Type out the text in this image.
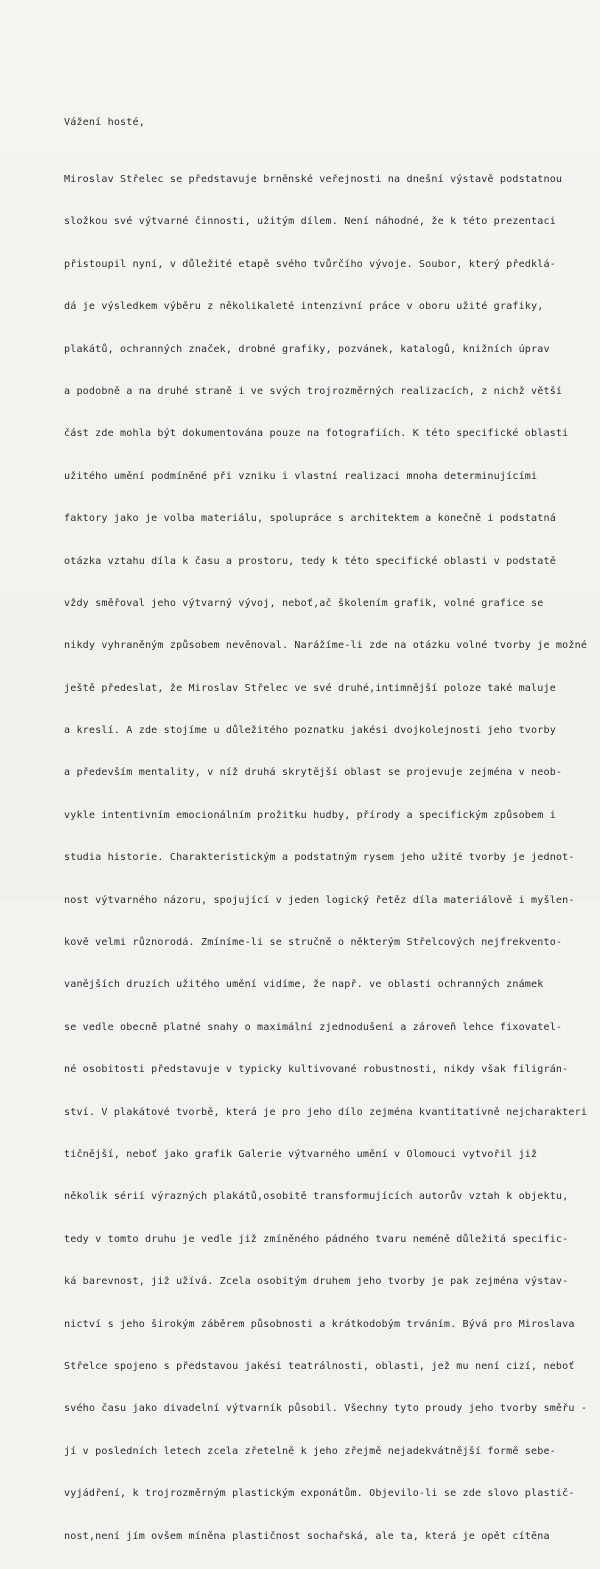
Vážení hosté,

Miroslav Střelec se představuje brněnské veřejnosti na dnešní výstavě podstatnou

složkou své výtvarné činnosti, užitým dílem. Není náhodné, že k této prezentaci

přistoupil nyní, v důležité etapě svého tvůrčího vývoje. Soubor, který předklá-

dá je výsledkem výběru z několikaleté intenzivní práce v oboru užité grafiky,

plakátů, ochranných značek, drobné grafiky, pozvánek, katalogů, knižních úprav

a podobně a na druhé straně i ve svých trojrozměrných realizacích, z nichž větší

část zde mohla být dokumentována pouze na fotografiích. K této specifické oblasti

užitého umění podmíněné při vzniku i vlastní realizaci mnoha determinujícími

faktory jako je volba materiálu, spolupráce s architektem a konečně i podstatná

otázka vztahu díla k času a prostoru, tedy k této specifické oblasti v podstatě

vždy směřoval jeho výtvarný vývoj, neboť,ač školením grafik, volné grafice se

nikdy vyhraněným způsobem nevěnoval. Narážíme-li zde na otázku volné tvorby je možné

ještě předeslat, že Miroslav Střelec ve své druhé,intimnější poloze také maluje

a kreslí. A zde stojíme u důležitého poznatku jakési dvojkolejnosti jeho tvorby

a především mentality, v níž druhá skrytější oblast se projevuje zejména v neob-

vykle intentivním emocionálním prožitku hudby, přírody a specifickým způsobem i

studia historie. Charakteristickým a podstatným rysem jeho užité tvorby je jednot-

nost výtvarného názoru, spojující v jeden logický řetěz díla materiálově i myšlen-

kově velmi různorodá. Zmíníme-li se stručně o některým Střelcových nejfrekvento-

vanějších druzích užitého umění vidíme, že např. ve oblasti ochranných známek

se vedle obecně platné snahy o maximální zjednodušení a zároveň lehce fixovatel-

né osobitosti představuje v typicky kultivované robustnosti, nikdy však filigrán-

ství. V plakátové tvorbě, která je pro jeho dílo zejména kvantitativně nejcharakteri

tičnější, neboť jako grafik Galerie výtvarného umění v Olomouci vytvořil již

několik sérií výrazných plakátů,osobitě transformujících autorův vztah k objektu,

tedy v tomto druhu je vedle již zmíněného pádného tvaru neméně důležitá specific-

ká barevnost, již užívá. Zcela osobitým druhem jeho tvorby je pak zejména výstav-

nictví s jeho širokým záběrem působnosti a krátkodobým trváním. Bývá pro Miroslava

Střelce spojeno s představou jakési teatrálnosti, oblasti, jež mu není cizí, neboť

svého času jako divadelní výtvarník působil. Všechny tyto proudy jeho tvorby směřu -

jí v posledních letech zcela zřetelně k jeho zřejmě nejadekvátnější formě sebe-

vyjádření, k trojrozměrným plastickým exponátům. Objevilo-li se zde slovo plastič-

nost,není jím ovšem míněna plastičnost sochařská, ale ta, která je opět cítěna
